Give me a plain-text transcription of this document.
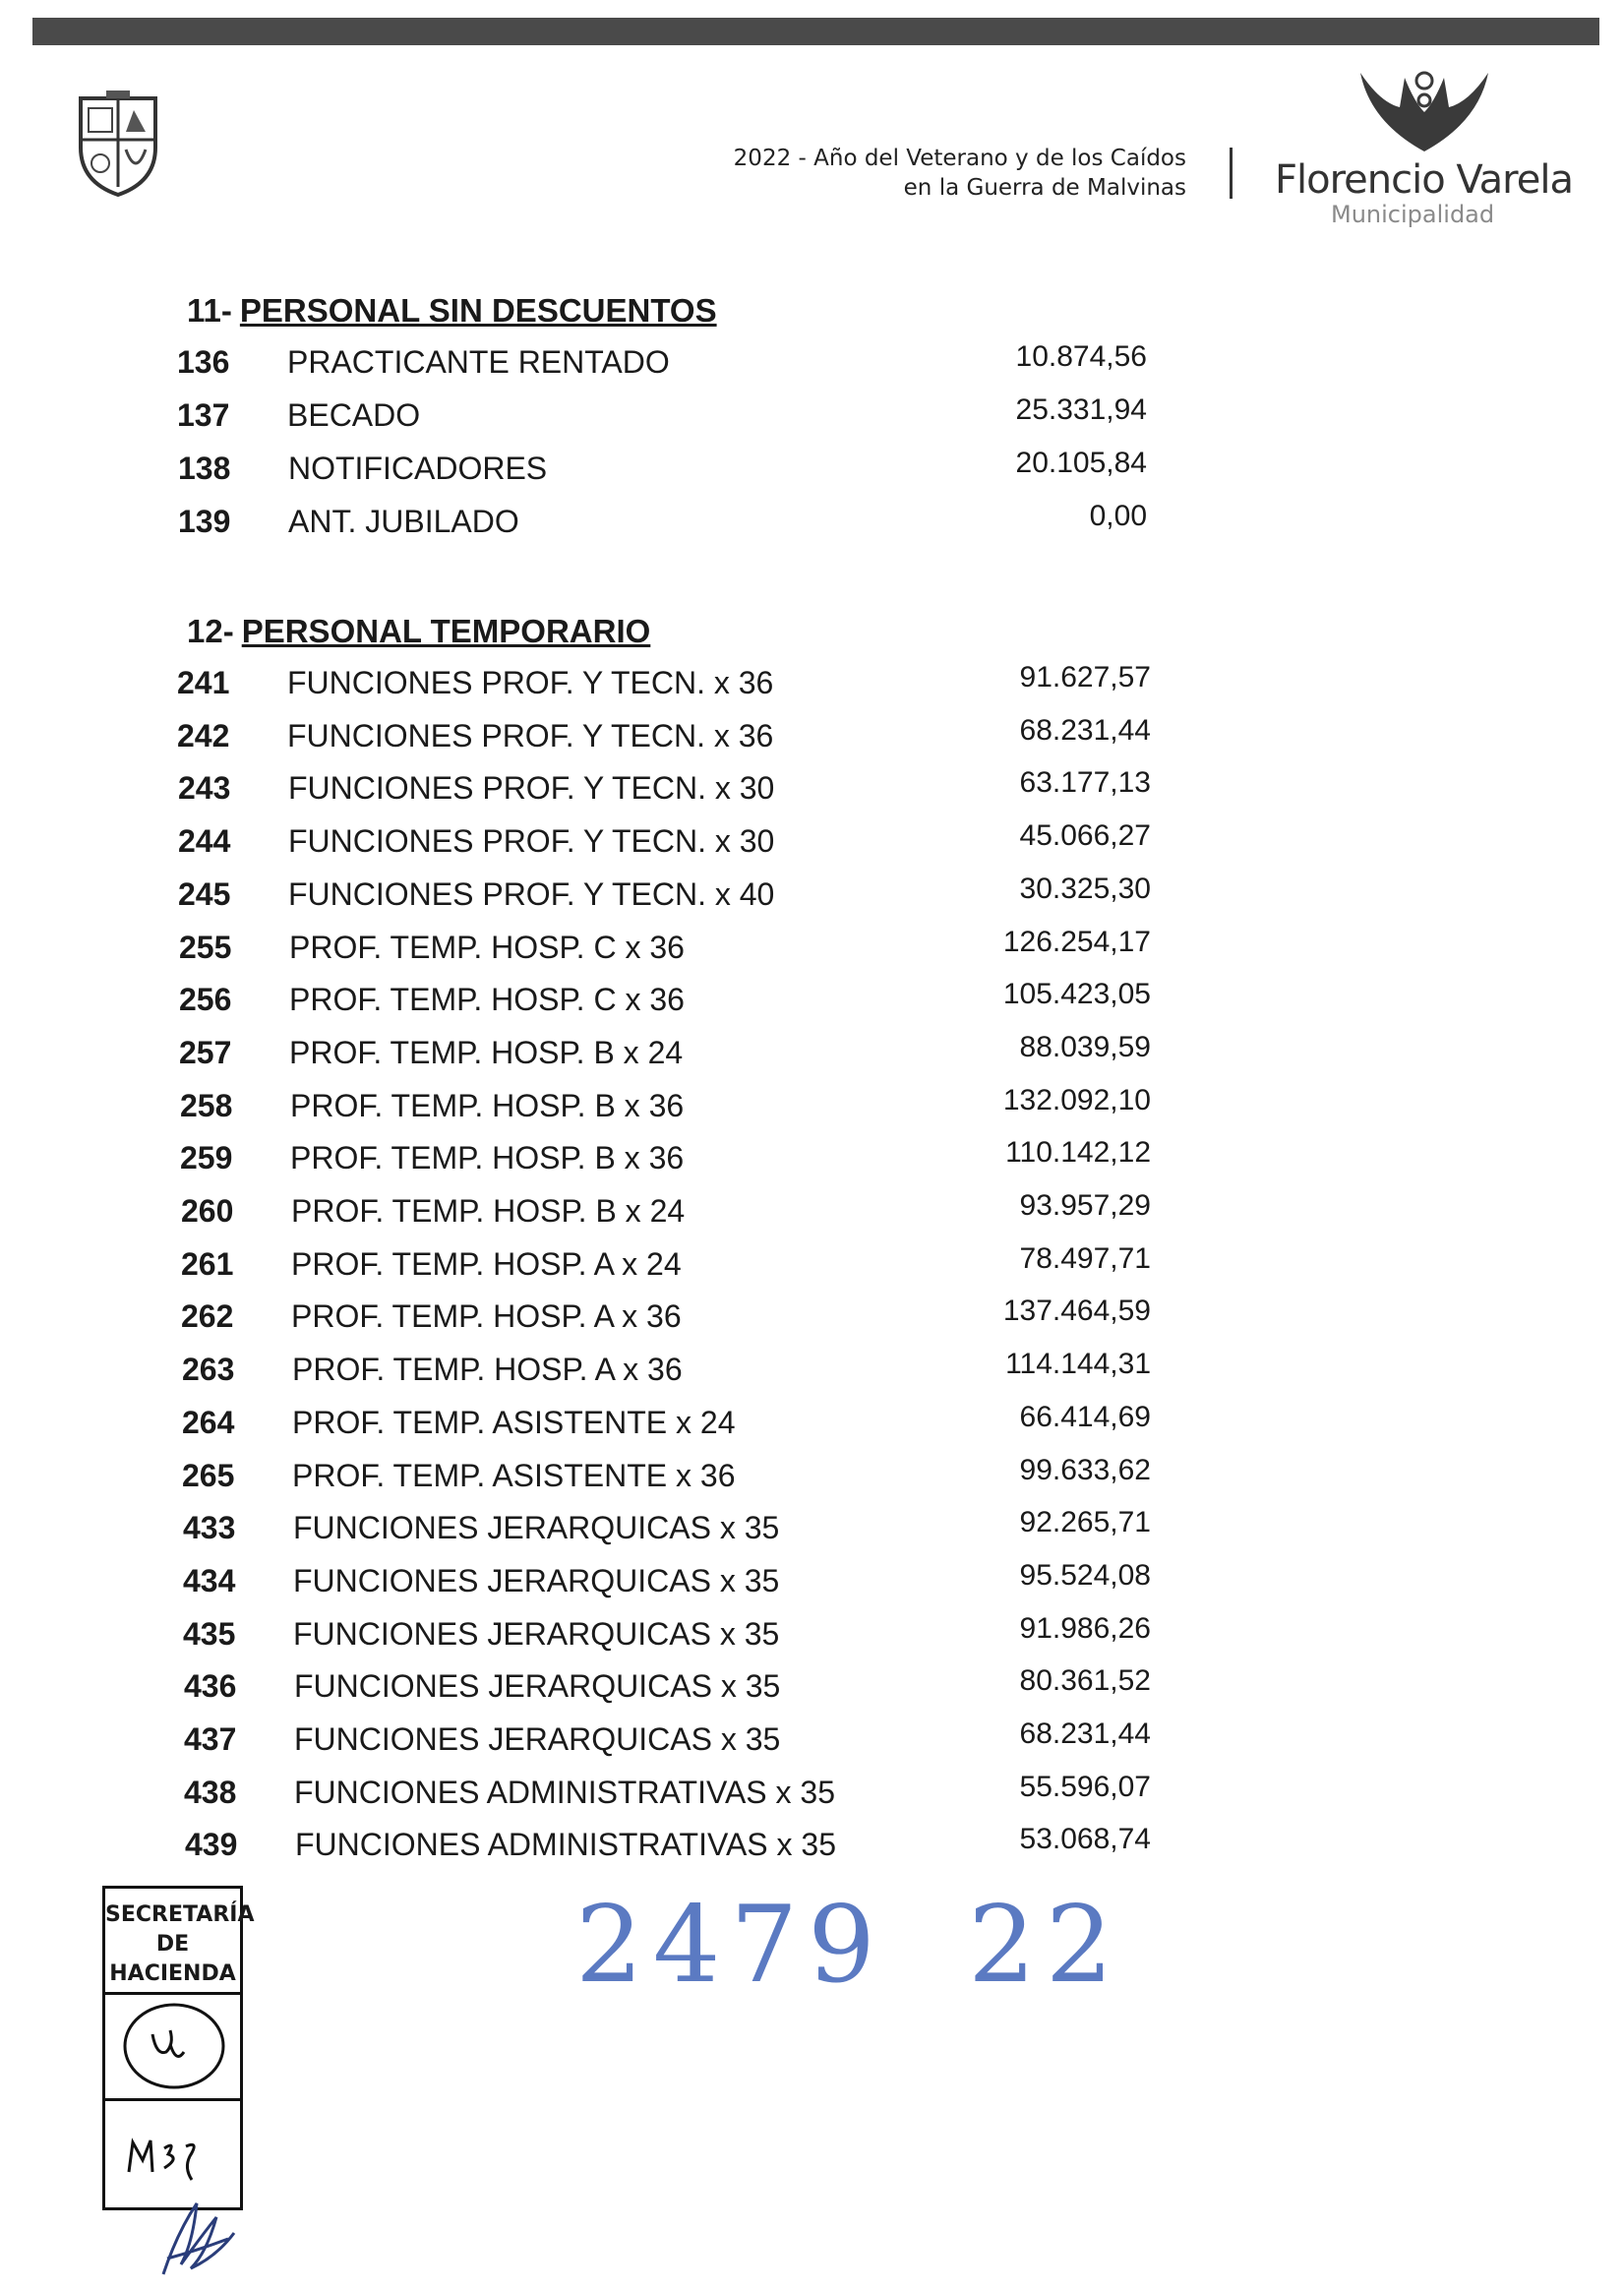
2022 - Año del Veterano y de los Caídos
en la Guerra de Malvinas Florencio Varela
Municipalidad
11- PERSONAL SIN DESCUENTOS
136 PRACTICANTE RENTADO	10.874,56
137 BECADO	25.331,94
138 NOTIFICADORES	20.105,84
139 ANT. JUBILADO	0,00
12- PERSONAL TEMPORARIO
241 FUNCIONES PROF. Y TECN. x 36	91.627,57
242 FUNCIONES PROF. Y TECN. x 36	68.231,44
243 FUNCIONES PROF. Y TECN. x 30	63.177,13
244 FUNCIONES PROF. Y TECN. x 30	45.066,27
245 FUNCIONES PROF. Y TECN. x 40	30.325,30
255 PROF. TEMP. HOSP. C x 36	126.254,17
256 PROF. TEMP. HOSP. C x 36	105.423,05
257 PROF. TEMP. HOSP. B x 24	88.039,59
258 PROF. TEMP. HOSP. B x 36	132.092,10
259 PROF. TEMP. HOSP. B x 36	110.142,12
260 PROF. TEMP. HOSP. B x 24	93.957,29
261 PROF. TEMP. HOSP. A x 24	78.497,71
262 PROF. TEMP. HOSP. A x 36	137.464,59
263 PROF. TEMP. HOSP. A x 36	114.144,31
264 PROF. TEMP. ASISTENTE x 24	66.414,69
265 PROF. TEMP. ASISTENTE x 36	99.633,62
433 FUNCIONES JERARQUICAS x 35	92.265,71
434 FUNCIONES JERARQUICAS x 35	95.524,08
435 FUNCIONES JERARQUICAS x 35	91.986,26
436 FUNCIONES JERARQUICAS x 35	80.361,52
437 FUNCIONES JERARQUICAS x 35	68.231,44
438 FUNCIONES ADMINISTRATIVAS x 35	55.596,07
439 FUNCIONES ADMINISTRATIVAS x 35	53.068,74
2479 22
SECRETARÍA
DE
HACIENDA
